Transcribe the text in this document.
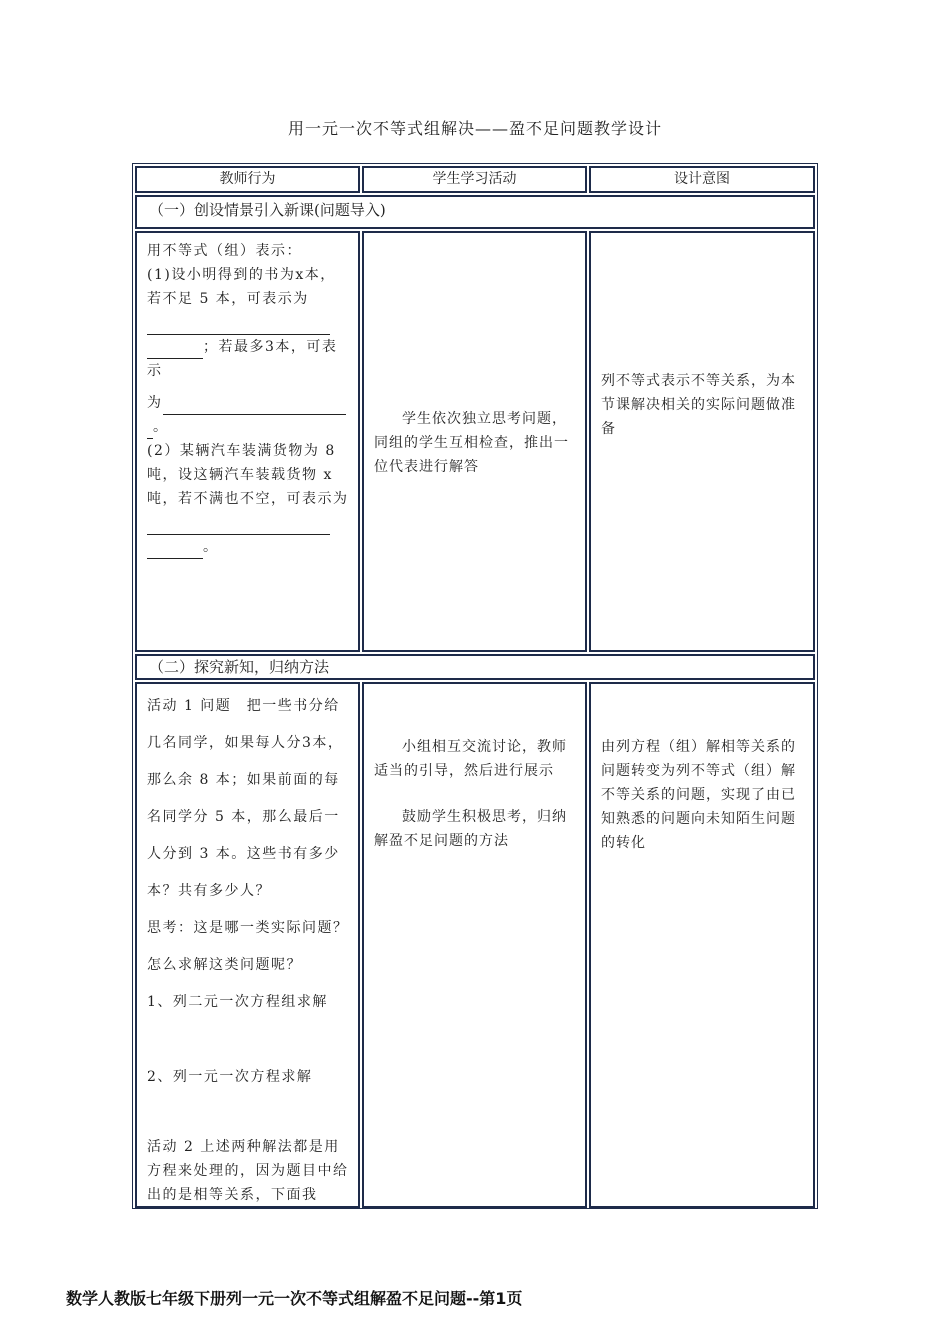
用一元一次不等式组解决——盈不足问题教学设计
教师行为	学生学习活动	设计意图
（一）创设情景引入新课(问题导入)

用不等式（组）表示：

(1)设小明得到的书为x本，若不足 5 本，可表示为

；若最多3本，可表示

为
。

(2）某辆汽车装满货物为 8 吨，设这辆汽车装载货物 x 吨，若不满也不空，可表示为
。

学生依次独立思考问题，同组的学生互相检查，推出一位代表进行解答

列不等式表示不等关系，为本节课解决相关的实际问题做准备

（二）探究新知，归纳方法

活动 1 问题　把一些书分给几名同学，如果每人分3本，那么余 8 本；如果前面的每名同学分 5 本，那么最后一人分到 3 本。这些书有多少本？共有多少人？

思考：这是哪一类实际问题？怎么求解这类问题呢？

1、列二元一次方程组求解

2、列一元一次方程求解

活动 2 上述两种解法都是用方程来处理的，因为题目中给出的是相等关系，下面我

小组相互交流讨论，教师适当的引导，然后进行展示

鼓励学生积极思考，归纳解盈不足问题的方法

由列方程（组）解相等关系的问题转变为列不等式（组）解不等关系的问题，实现了由已知熟悉的问题向未知陌生问题的转化

数学人教版七年级下册列一元一次不等式组解盈不足问题--第1页
